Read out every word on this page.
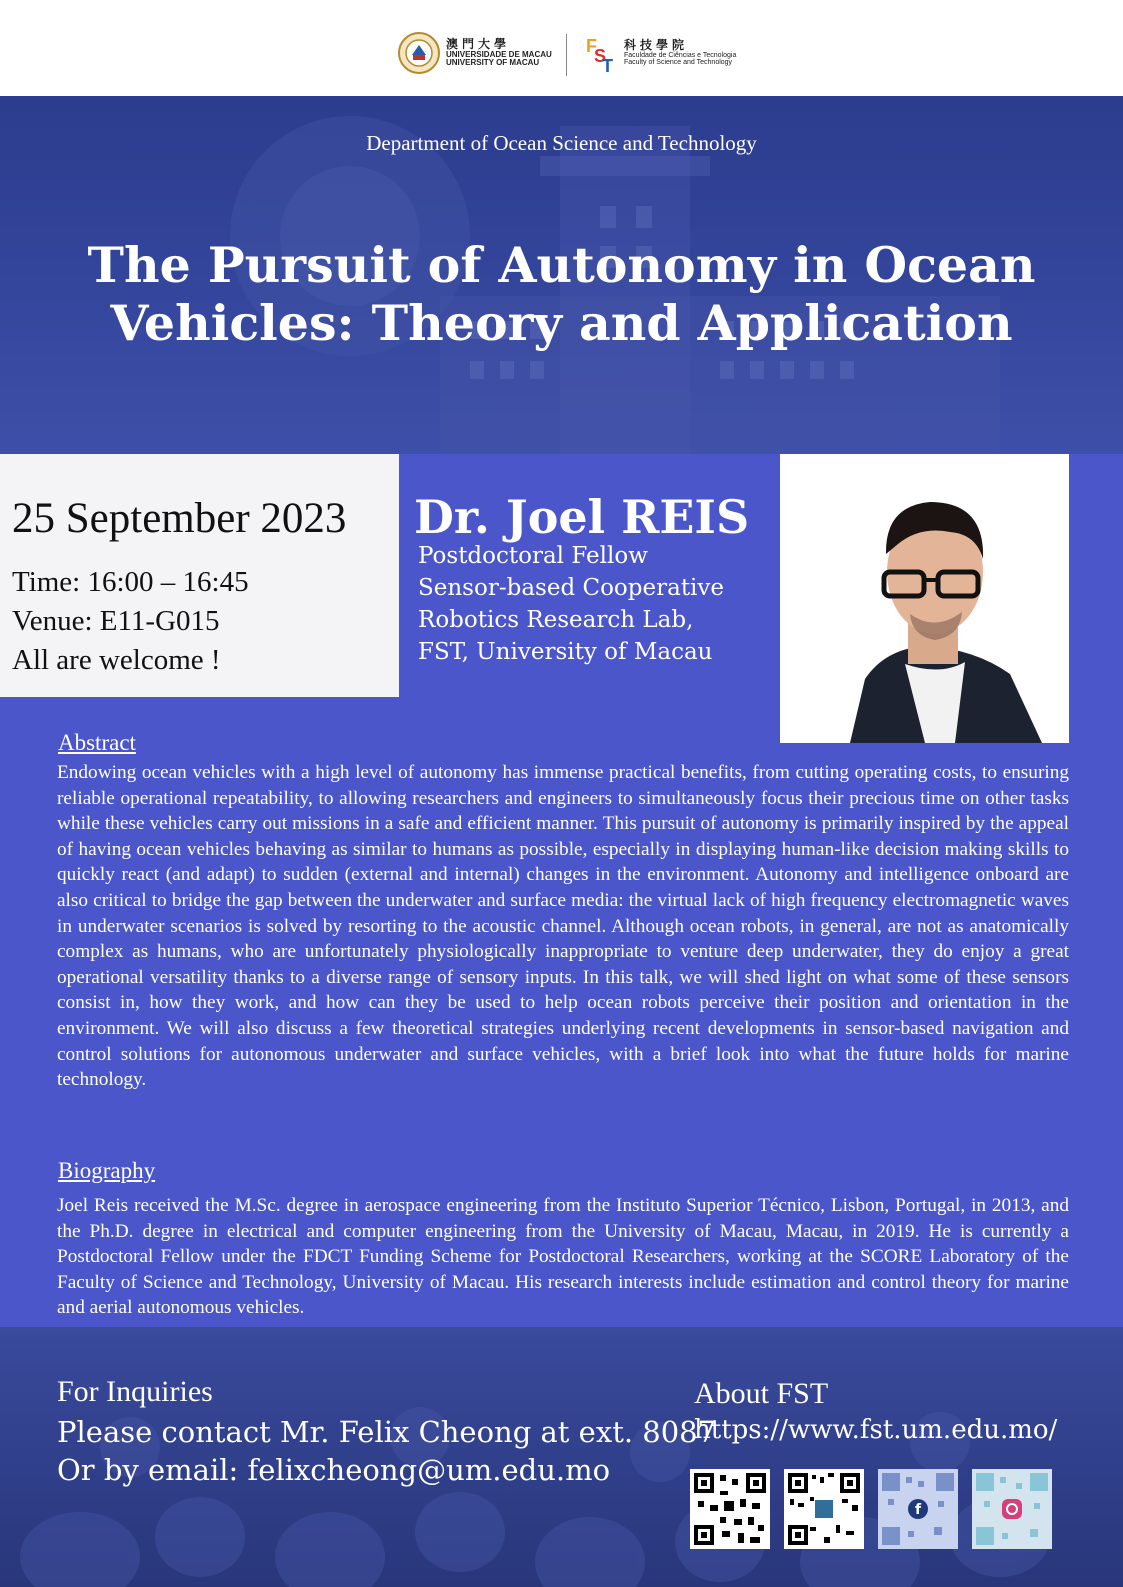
澳門大學
UNIVERSIDADE DE MACAU
UNIVERSITY OF MACAU
F
S
T
科技學院
Faculdade de Ciências e Tecnologia
Faculty of Science and Technology
Department of Ocean Science and Technology
The Pursuit of Autonomy in Ocean
Vehicles: Theory and Application
25 September 2023
Time: 16:00 – 16:45
Venue: E11-G015
All are welcome !
Dr. Joel REIS
Postdoctoral Fellow
Sensor-based Cooperative
Robotics Research Lab,
FST, University of Macau
Abstract
Endowing ocean vehicles with a high level of autonomy has immense practical benefits, from cutting operating costs, to ensuring reliable operational repeatability, to allowing researchers and engineers to simultaneously focus their precious time on other tasks while these vehicles carry out missions in a safe and efficient manner. This pursuit of autonomy is primarily inspired by the appeal of having ocean vehicles behaving as similar to humans as possible, especially in displaying human-like decision making skills to quickly react (and adapt) to sudden (external and internal) changes in the environment. Autonomy and intelligence onboard are also critical to bridge the gap between the underwater and surface media: the virtual lack of high frequency electromagnetic waves in underwater scenarios is solved by resorting to the acoustic channel. Although ocean robots, in general, are not as anatomically complex as humans, who are unfortunately physiologically inappropriate to venture deep underwater, they do enjoy a great operational versatility thanks to a diverse range of sensory inputs. In this talk, we will shed light on what some of these sensors consist in, how they work, and how can they be used to help ocean robots perceive their position and orientation in the environment. We will also discuss a few theoretical strategies underlying recent developments in sensor-based navigation and control solutions for autonomous underwater and surface vehicles, with a brief look into what the future holds for marine technology.
Biography
Joel Reis received the M.Sc. degree in aerospace engineering from the Instituto Superior Técnico, Lisbon, Portugal, in 2013, and the Ph.D. degree in electrical and computer engineering from the University of Macau, Macau, in 2019. He is currently a Postdoctoral Fellow under the FDCT Funding Scheme for Postdoctoral Researchers, working at the SCORE Laboratory of the Faculty of Science and Technology, University of Macau. His research interests include estimation and control theory for marine and aerial autonomous vehicles.
For Inquiries
Please contact Mr. Felix Cheong at ext. 8087
Or by email: felixcheong@um.edu.mo
About FST
https://www.fst.um.edu.mo/
f
